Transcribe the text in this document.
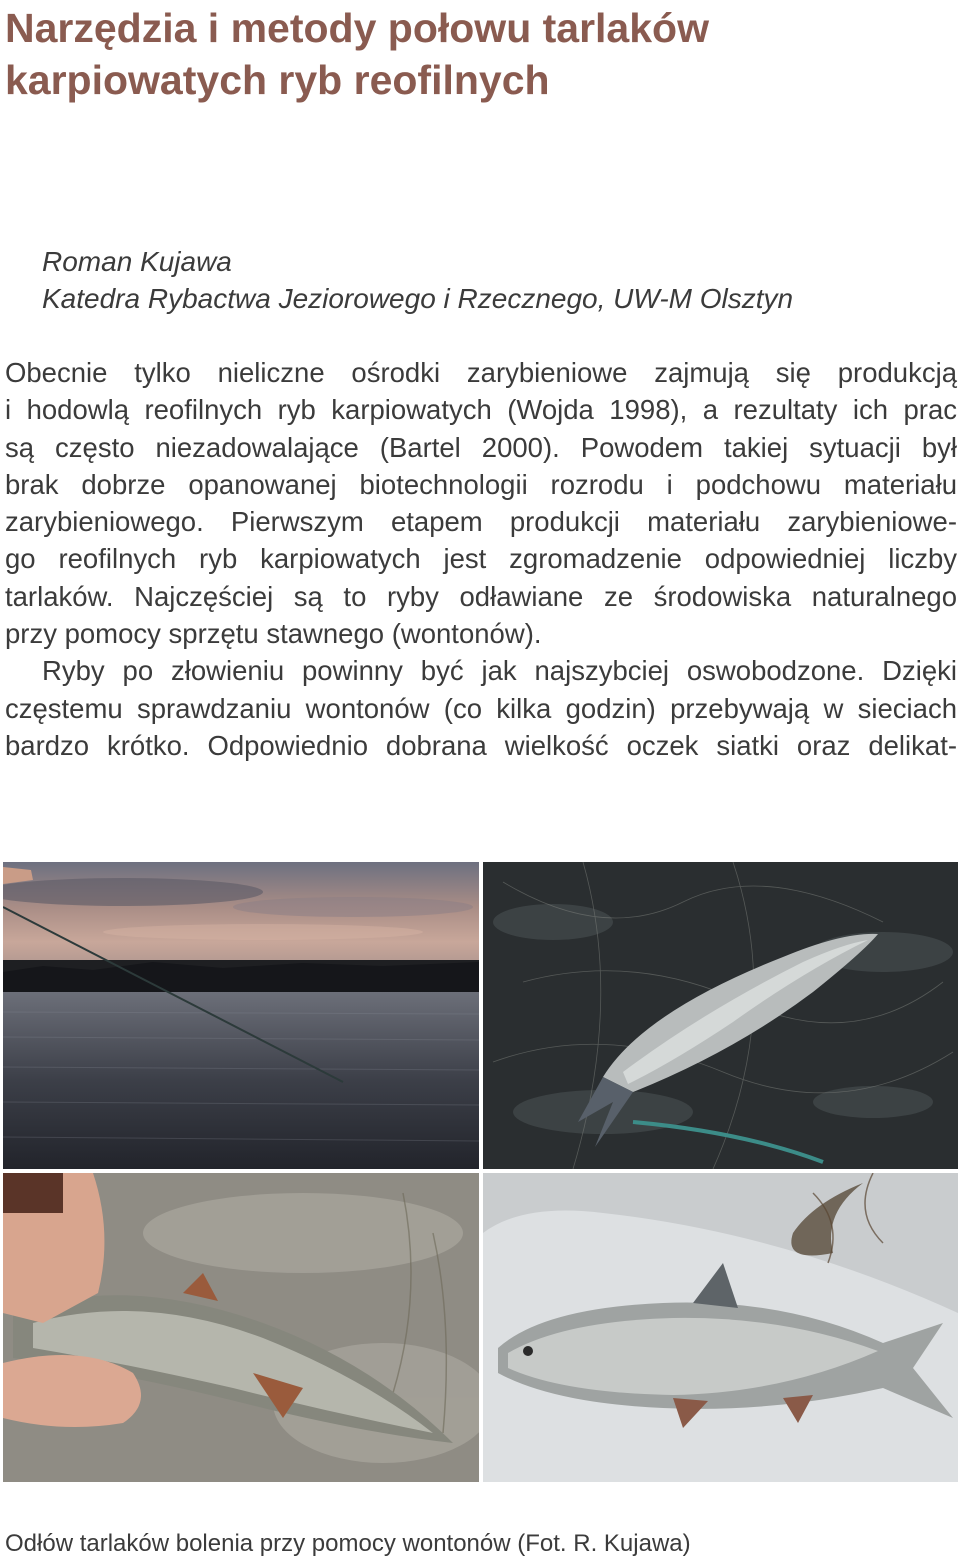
Narzędzia i metody połowu tarlaków
karpiowatych ryb reofilnych
Roman Kujawa
Katedra Rybactwa Jeziorowego i Rzecznego, UW-M Olsztyn
Obecnie tylko nieliczne ośrodki zarybieniowe zajmują się produkcją
i hodowlą reofilnych ryb karpiowatych (Wojda 1998), a rezultaty ich prac
są często niezadowalające (Bartel 2000). Powodem takiej sytuacji był
brak dobrze opanowanej biotechnologii rozrodu i podchowu materiału
zarybieniowego. Pierwszym etapem produkcji materiału zarybieniowe-
go reofilnych ryb karpiowatych jest zgromadzenie odpowiedniej liczby
tarlaków. Najczęściej są to ryby odławiane ze środowiska naturalnego
przy pomocy sprzętu stawnego (wontonów).
Ryby po złowieniu powinny być jak najszybciej oswobodzone. Dzięki
częstemu sprawdzaniu wontonów (co kilka godzin) przebywają w sieciach
bardzo krótko. Odpowiednio dobrana wielkość oczek siatki oraz delikat-
Odłów tarlaków bolenia przy pomocy wontonów (Fot. R. Kujawa)
